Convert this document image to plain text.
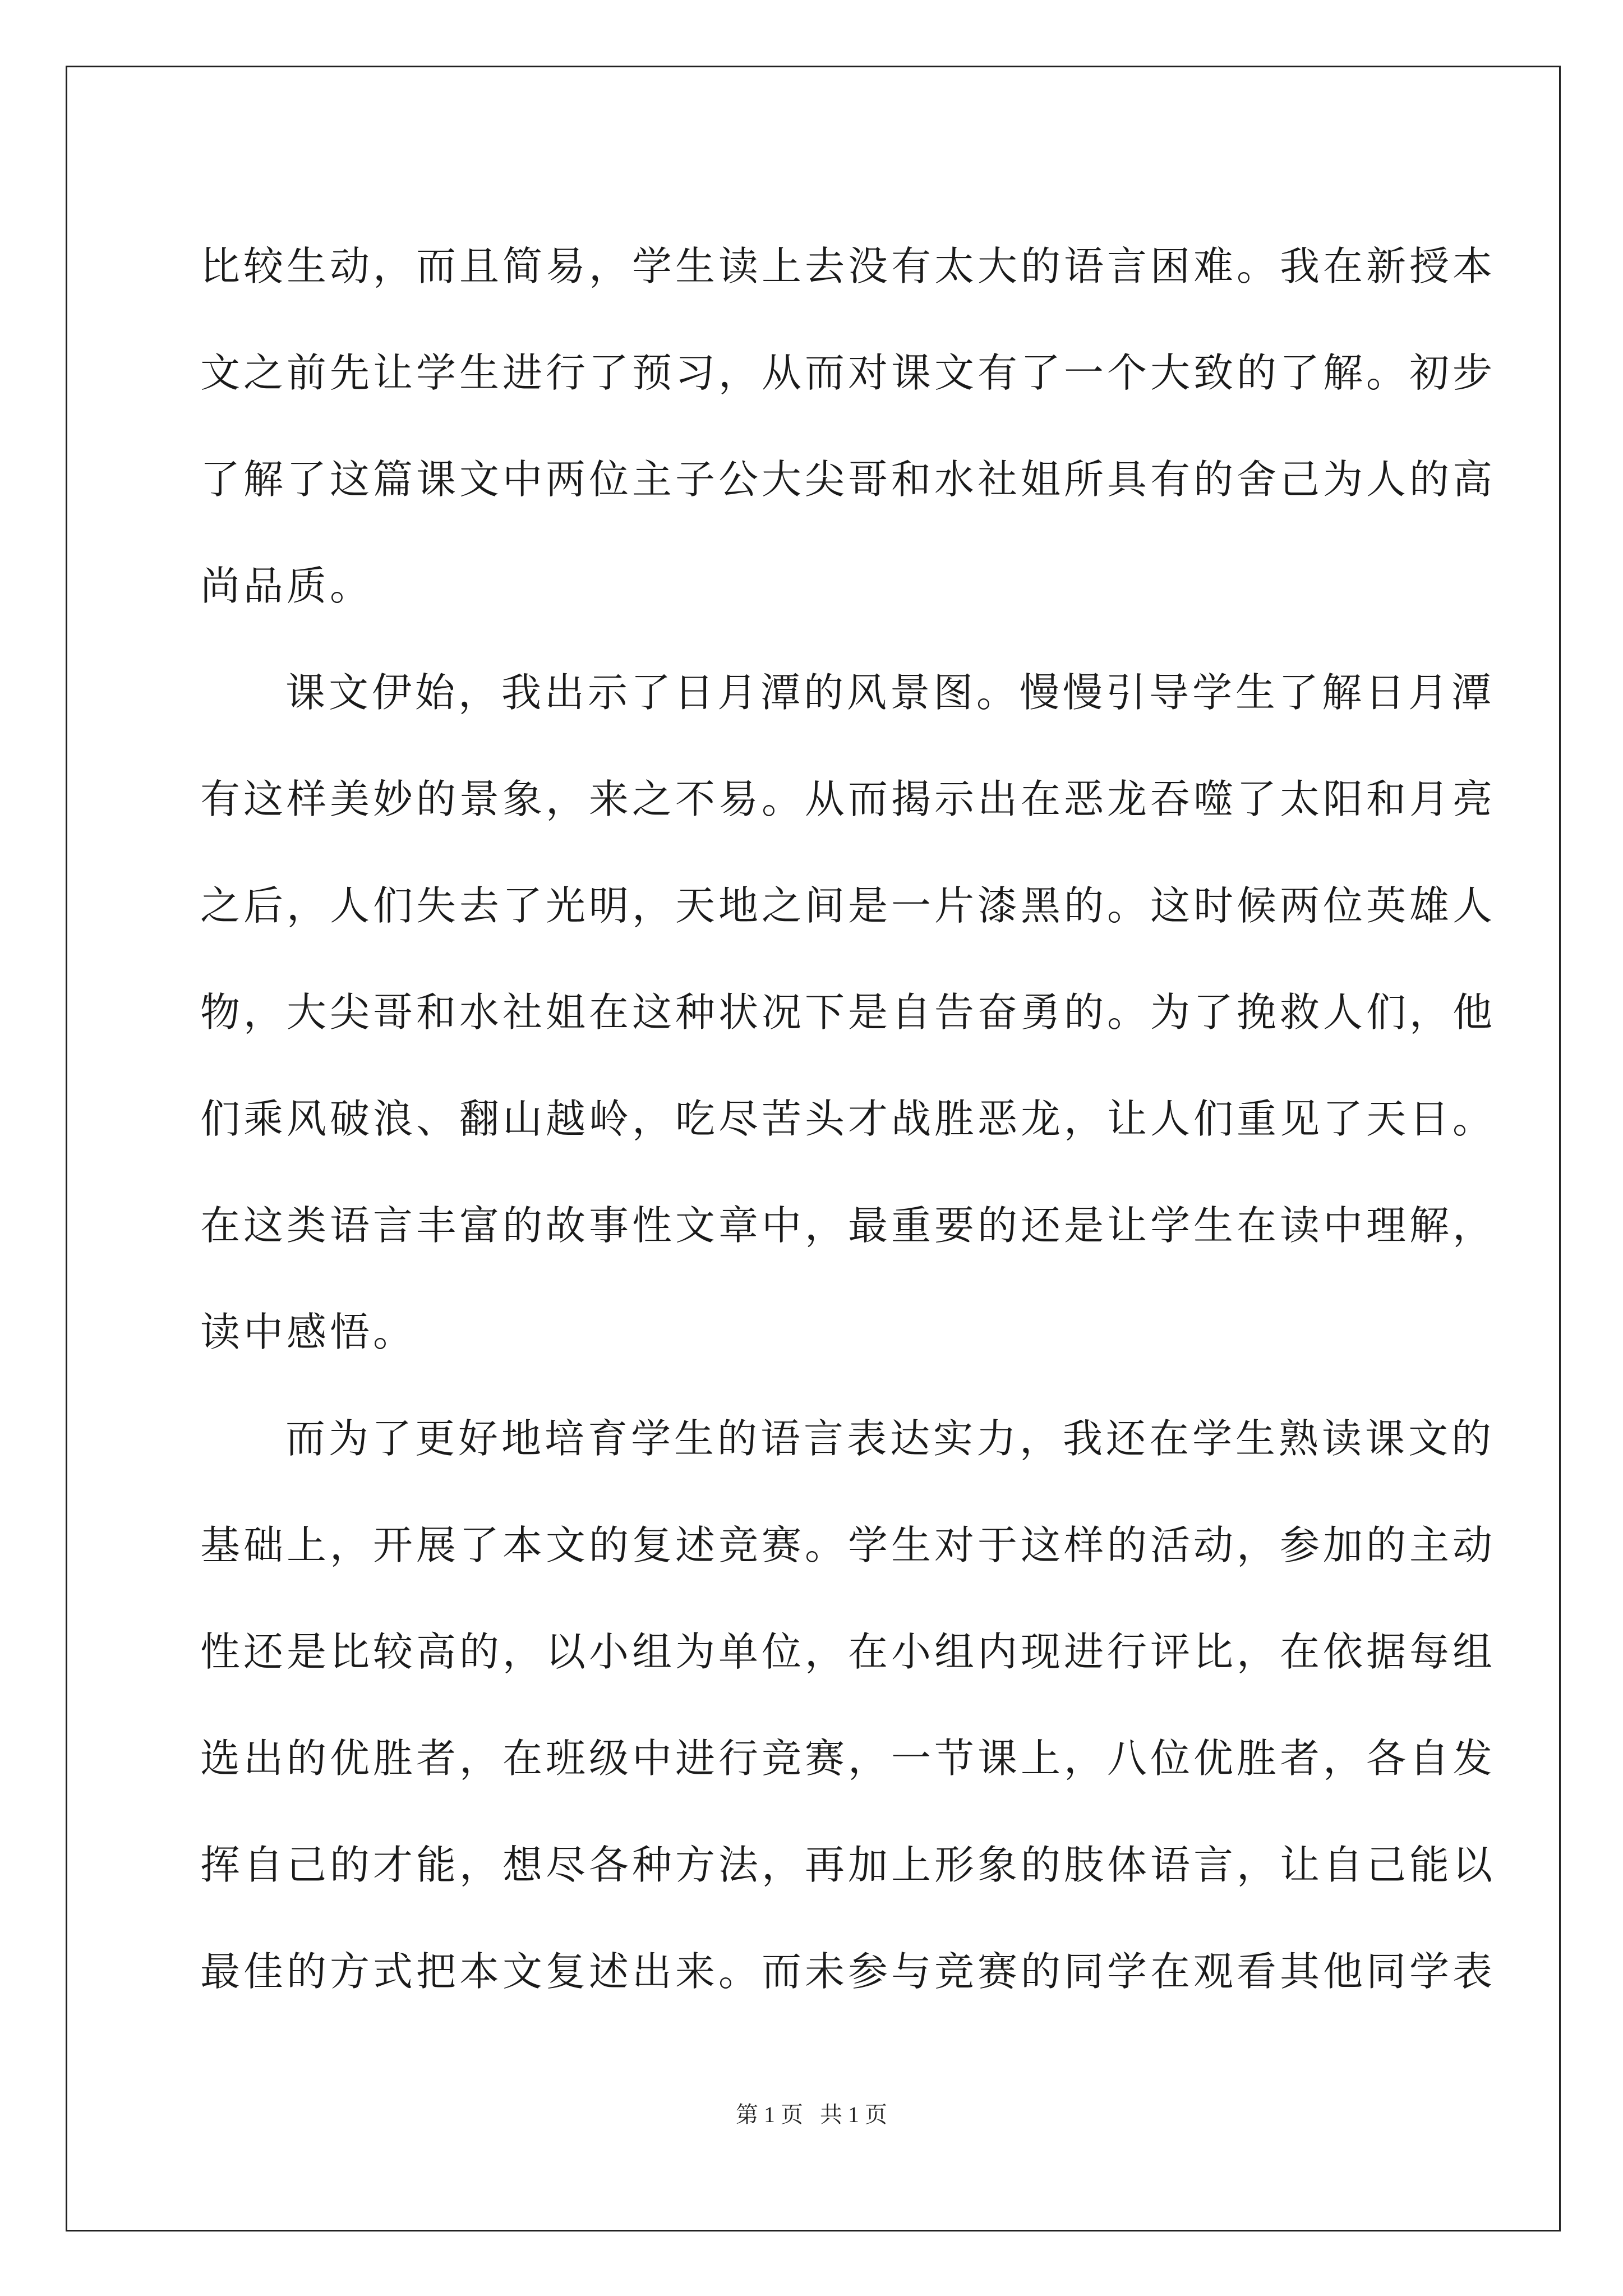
比较生动，而且简易，学生读上去没有太大的语言困难。我在新授本
文之前先让学生进行了预习，从而对课文有了一个大致的了解。初步
了解了这篇课文中两位主子公大尖哥和水社姐所具有的舍己为人的高
尚品质。
课文伊始，我出示了日月潭的风景图。慢慢引导学生了解日月潭
有这样美妙的景象，来之不易。从而揭示出在恶龙吞噬了太阳和月亮
之后，人们失去了光明，天地之间是一片漆黑的。这时候两位英雄人
物，大尖哥和水社姐在这种状况下是自告奋勇的。为了挽救人们，他
们乘风破浪、翻山越岭，吃尽苦头才战胜恶龙，让人们重见了天日。
在这类语言丰富的故事性文章中，最重要的还是让学生在读中理解，
读中感悟。
而为了更好地培育学生的语言表达实力，我还在学生熟读课文的
基础上，开展了本文的复述竞赛。学生对于这样的活动，参加的主动
性还是比较高的，以小组为单位，在小组内现进行评比，在依据每组
选出的优胜者，在班级中进行竞赛，一节课上，八位优胜者，各自发
挥自己的才能，想尽各种方法，再加上形象的肢体语言，让自己能以
最佳的方式把本文复述出来。而未参与竞赛的同学在观看其他同学表
第 1 页 共 1 页
